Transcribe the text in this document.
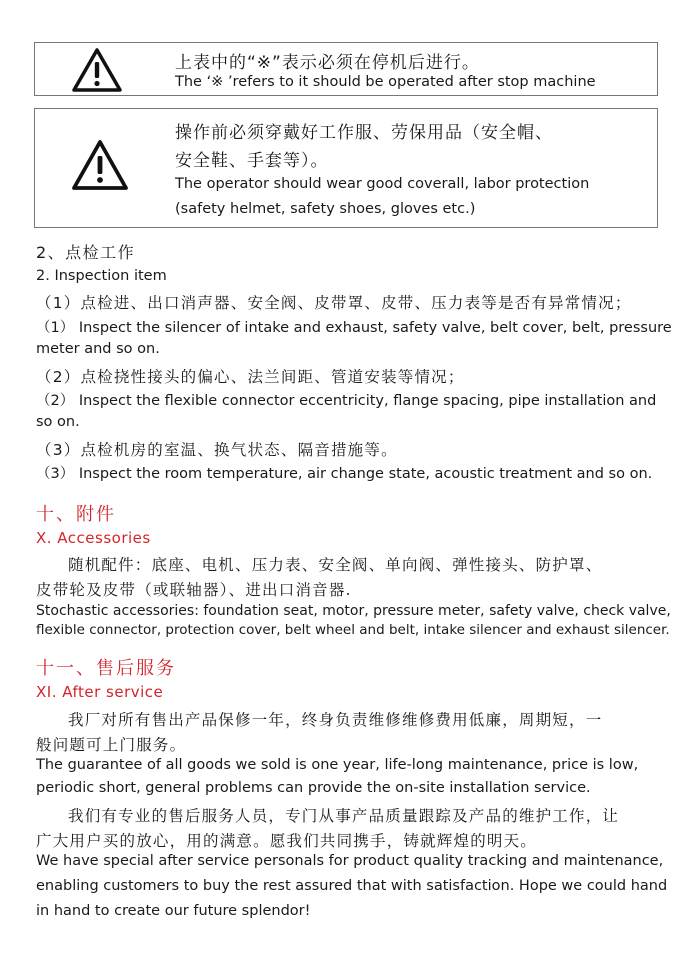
上表中的“※”表示必须在停机后进行。
The ‘※ ’refers to it should be operated after stop machine
操作前必须穿戴好工作服、劳保用品（安全帽、
安全鞋、手套等）。
The operator should wear good coverall, labor protection
(safety helmet, safety shoes, gloves etc.)
2、点检工作
2. Inspection item
（1）点检进、出口消声器、安全阀、皮带罩、皮带、压力表等是否有异常情况；
（1） Inspect the silencer of intake and exhaust, safety valve, belt cover, belt, pressure
meter and so on.
（2）点检挠性接头的偏心、法兰间距、管道安装等情况；
（2） Inspect the flexible connector eccentricity, flange spacing, pipe installation and
so on.
（3）点检机房的室温、换气状态、隔音措施等。
（3） Inspect the room temperature, air change state, acoustic treatment and so on.
十、附件
X. Accessories
随机配件：底座、电机、压力表、安全阀、单向阀、弹性接头、防护罩、
皮带轮及皮带（或联轴器）、进出口消音器.
Stochastic accessories: foundation seat, motor, pressure meter, safety valve, check valve,
flexible connector, protection cover, belt wheel and belt, intake silencer and exhaust silencer.
十一、售后服务
XI. After service
我厂对所有售出产品保修一年，终身负责维修维修费用低廉，周期短，一
般问题可上门服务。
The guarantee of all goods we sold is one year, life-long maintenance, price is low,
periodic short, general problems can provide the on-site installation service.
我们有专业的售后服务人员，专门从事产品质量跟踪及产品的维护工作，让
广大用户买的放心，用的满意。愿我们共同携手，铸就辉煌的明天。
We have special after service personals for product quality tracking and maintenance,
enabling customers to buy the rest assured that with satisfaction. Hope we could hand
in hand to create our future splendor!
